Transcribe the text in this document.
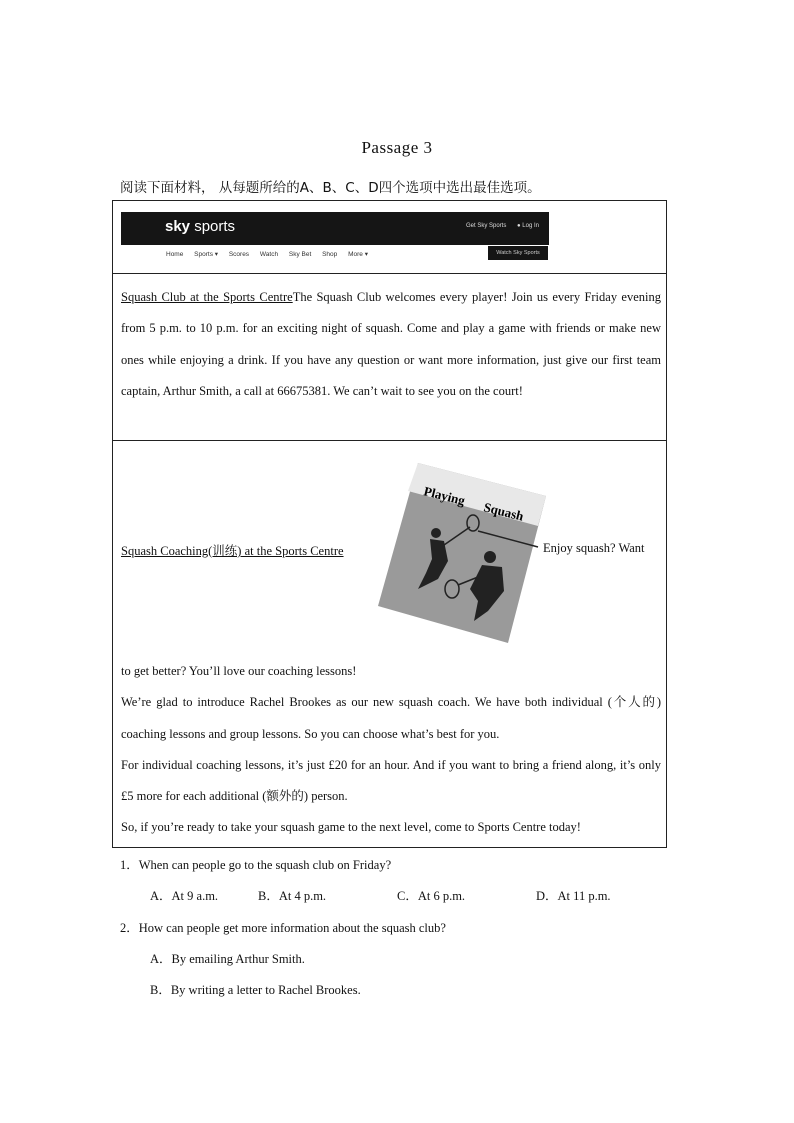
Passage 3
阅读下面材料， 从每题所给的A、B、C、D四个选项中选出最佳选项。
sky sports	Get Sky Sports ● Log In
Home Sports ▾ Scores Watch Sky Bet Shop More ▾	Watch Sky Sports
Squash Club at the Sports CentreThe Squash Club welcomes every player! Join us every Friday evening from 5 p.m. to 10 p.m. for an exciting night of squash. Come and play a game with friends or make new ones while enjoying a drink. If you have any question or want more information, just give our first team captain, Arthur Smith, a call at 66675381. We can’t wait to see you on the court!
Squash Coaching(训练) at the Sports Centre
Playing
Squash
Enjoy squash? Want
to get better? You’ll love our coaching lessons!
We’re glad to introduce Rachel Brookes as our new squash coach. We have both individual (个人的) coaching lessons and group lessons. So you can choose what’s best for you.
For individual coaching lessons, it’s just £20 for an hour. And if you want to bring a friend along, it’s only £5 more for each additional (额外的) person.
So, if you’re ready to take your squash game to the next level, come to Sports Centre today!
1．When can people go to the squash club on Friday?
A．At 9 a.m.	B．At 4 p.m.	C．At 6 p.m.	D．At 11 p.m.
2．How can people get more information about the squash club?
A．By emailing Arthur Smith.
B．By writing a letter to Rachel Brookes.
